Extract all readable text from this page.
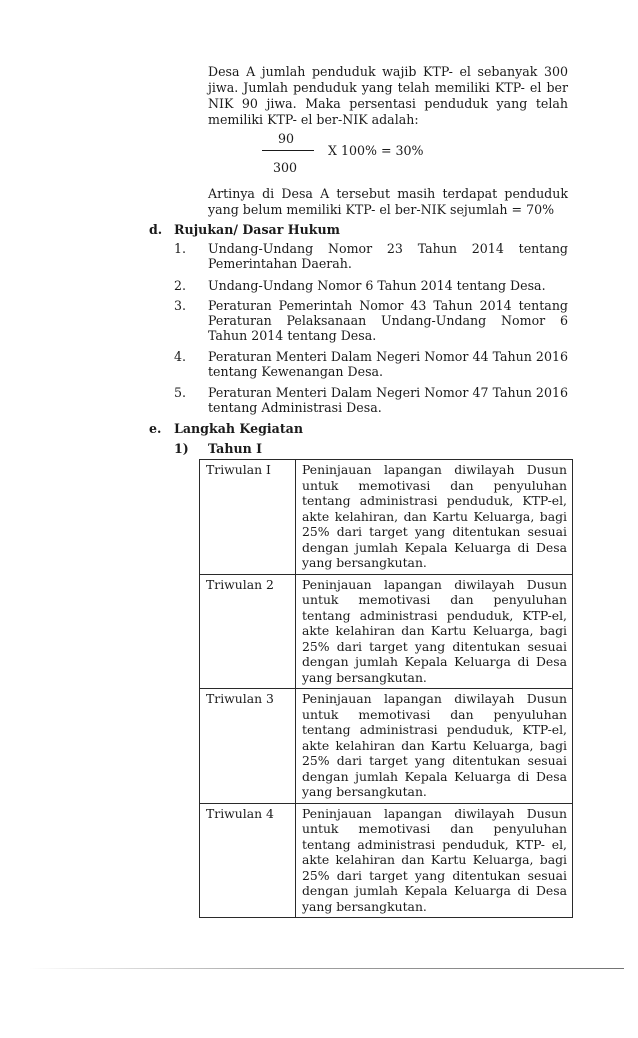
Desa A jumlah penduduk wajib KTP- el sebanyak 300 jiwa. Jumlah penduduk yang telah memiliki KTP- el ber NIK 90 jiwa. Maka persentasi penduduk yang telah memiliki KTP- el ber-NIK adalah:
90
X 100% = 30%
300
Artinya di Desa A tersebut masih terdapat penduduk yang belum memiliki KTP- el ber-NIK sejumlah = 70%
d. Rujukan/ Dasar Hukum
1. Undang-Undang Nomor 23 Tahun 2014 tentang Pemerintahan Daerah.
2. Undang-Undang Nomor 6 Tahun 2014 tentang Desa.
3. Peraturan Pemerintah Nomor 43 Tahun 2014 tentang Peraturan Pelaksanaan Undang-Undang Nomor 6 Tahun 2014 tentang Desa.
4. Peraturan Menteri Dalam Negeri Nomor 44 Tahun 2016 tentang Kewenangan Desa.
5. Peraturan Menteri Dalam Negeri Nomor 47 Tahun 2016 tentang Administrasi Desa.
e. Langkah Kegiatan
1) Tahun I
Triwulan I	Peninjauan lapangan diwilayah Dusun untuk memotivasi dan penyuluhan tentang administrasi penduduk, KTP-el, akte kelahiran, dan Kartu Keluarga, bagi 25% dari target yang ditentukan sesuai dengan jumlah Kepala Keluarga di Desa yang bersangkutan.
Triwulan 2	Peninjauan lapangan diwilayah Dusun untuk memotivasi dan penyuluhan tentang administrasi penduduk, KTP-el, akte kelahiran dan Kartu Keluarga, bagi 25% dari target yang ditentukan sesuai dengan jumlah Kepala Keluarga di Desa yang bersangkutan.
Triwulan 3	Peninjauan lapangan diwilayah Dusun untuk memotivasi dan penyuluhan tentang administrasi penduduk, KTP-el, akte kelahiran dan Kartu Keluarga, bagi 25% dari target yang ditentukan sesuai dengan jumlah Kepala Keluarga di Desa yang bersangkutan.
Triwulan 4	Peninjauan lapangan diwilayah Dusun untuk memotivasi dan penyuluhan tentang administrasi penduduk, KTP- el, akte kelahiran dan Kartu Keluarga, bagi 25% dari target yang ditentukan sesuai dengan jumlah Kepala Keluarga di Desa yang bersangkutan.
